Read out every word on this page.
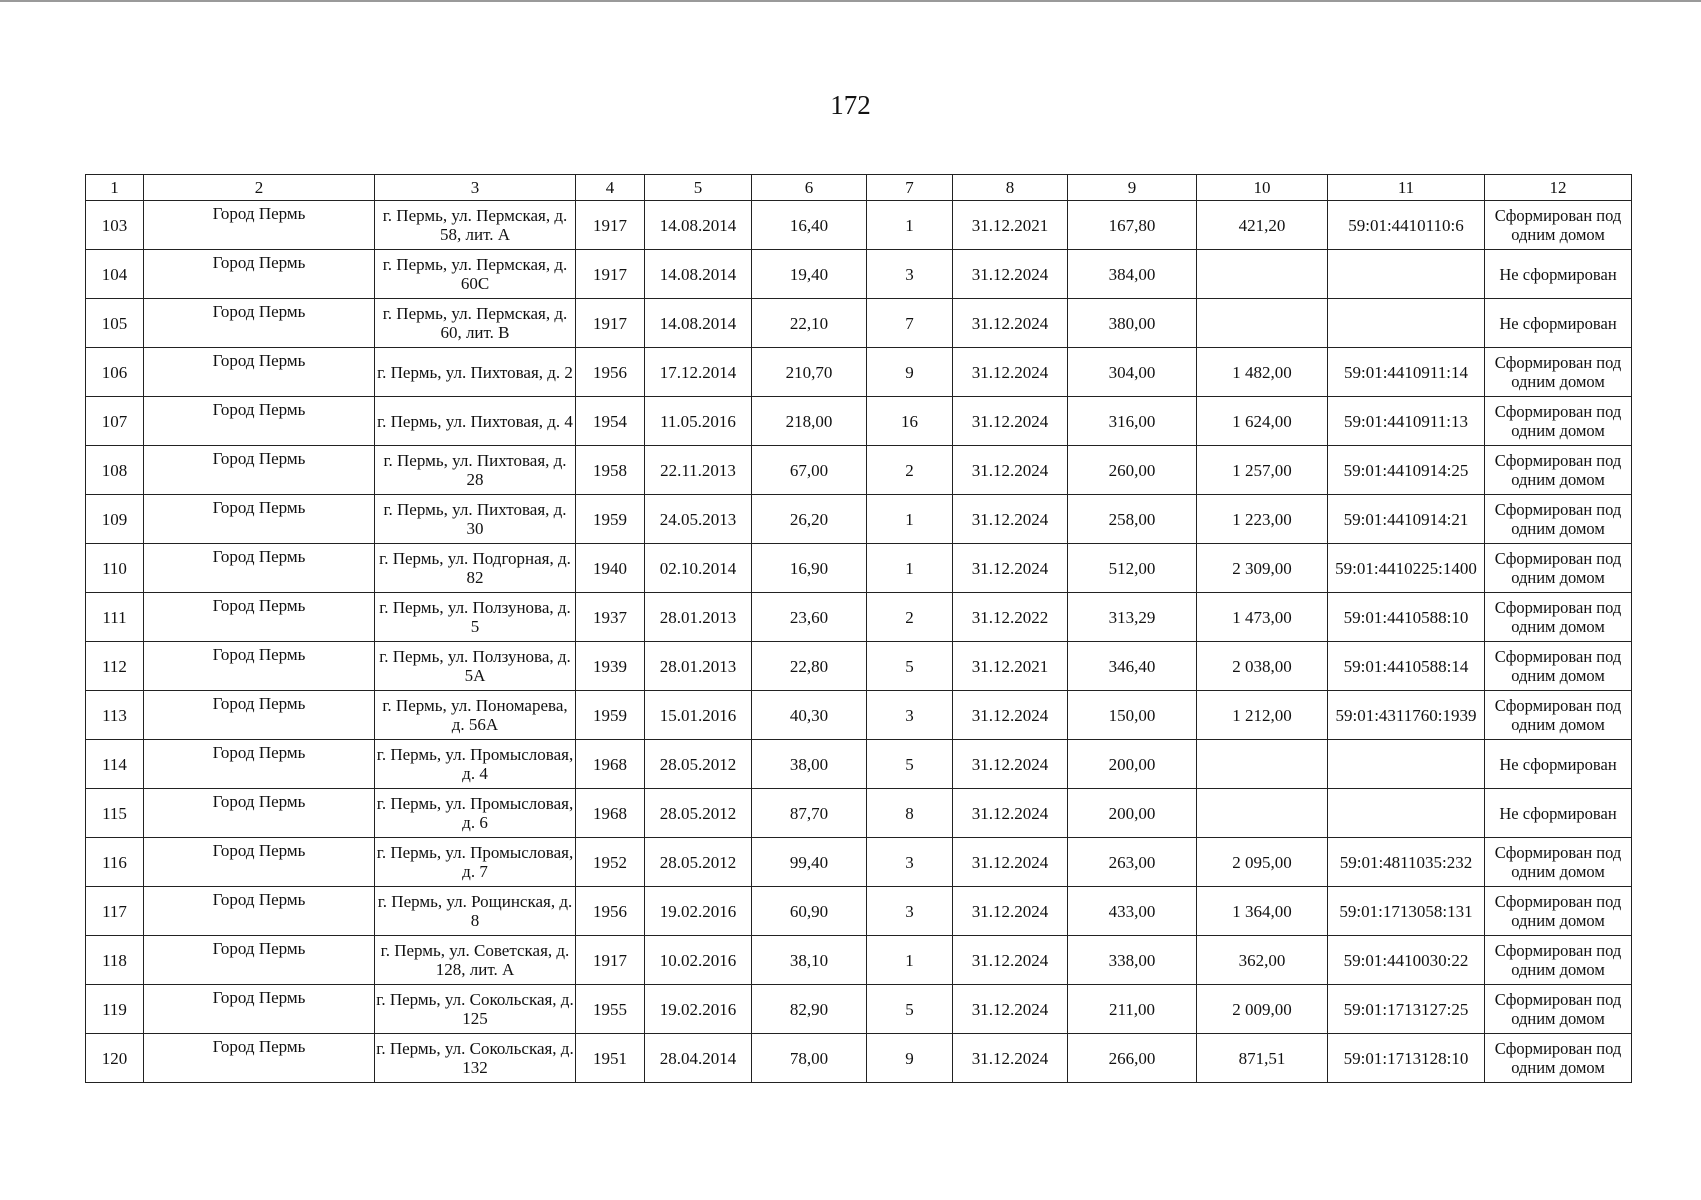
172
1	2	3	4	5	6	7	8	9	10	11	12
103	Город Пермь	г. Пермь, ул. Пермская, д. 58, лит. А	1917	14.08.2014	16,40	1	31.12.2021	167,80	421,20	59:01:4410110:6	Сформирован под одним домом
104	Город Пермь	г. Пермь, ул. Пермская, д. 60С	1917	14.08.2014	19,40	3	31.12.2024	384,00			Не сформирован
105	Город Пермь	г. Пермь, ул. Пермская, д. 60, лит. В	1917	14.08.2014	22,10	7	31.12.2024	380,00			Не сформирован
106	Город Пермь	г. Пермь, ул. Пихтовая, д. 2	1956	17.12.2014	210,70	9	31.12.2024	304,00	1 482,00	59:01:4410911:14	Сформирован под одним домом
107	Город Пермь	г. Пермь, ул. Пихтовая, д. 4	1954	11.05.2016	218,00	16	31.12.2024	316,00	1 624,00	59:01:4410911:13	Сформирован под одним домом
108	Город Пермь	г. Пермь, ул. Пихтовая, д. 28	1958	22.11.2013	67,00	2	31.12.2024	260,00	1 257,00	59:01:4410914:25	Сформирован под одним домом
109	Город Пермь	г. Пермь, ул. Пихтовая, д. 30	1959	24.05.2013	26,20	1	31.12.2024	258,00	1 223,00	59:01:4410914:21	Сформирован под одним домом
110	Город Пермь	г. Пермь, ул. Подгорная, д. 82	1940	02.10.2014	16,90	1	31.12.2024	512,00	2 309,00	59:01:4410225:1400	Сформирован под одним домом
111	Город Пермь	г. Пермь, ул. Ползунова, д. 5	1937	28.01.2013	23,60	2	31.12.2022	313,29	1 473,00	59:01:4410588:10	Сформирован под одним домом
112	Город Пермь	г. Пермь, ул. Ползунова, д. 5А	1939	28.01.2013	22,80	5	31.12.2021	346,40	2 038,00	59:01:4410588:14	Сформирован под одним домом
113	Город Пермь	г. Пермь, ул. Пономарева, д. 56А	1959	15.01.2016	40,30	3	31.12.2024	150,00	1 212,00	59:01:4311760:1939	Сформирован под одним домом
114	Город Пермь	г. Пермь, ул. Промысловая, д. 4	1968	28.05.2012	38,00	5	31.12.2024	200,00			Не сформирован
115	Город Пермь	г. Пермь, ул. Промысловая, д. 6	1968	28.05.2012	87,70	8	31.12.2024	200,00			Не сформирован
116	Город Пермь	г. Пермь, ул. Промысловая, д. 7	1952	28.05.2012	99,40	3	31.12.2024	263,00	2 095,00	59:01:4811035:232	Сформирован под одним домом
117	Город Пермь	г. Пермь, ул. Рощинская, д. 8	1956	19.02.2016	60,90	3	31.12.2024	433,00	1 364,00	59:01:1713058:131	Сформирован под одним домом
118	Город Пермь	г. Пермь, ул. Советская, д. 128, лит. А	1917	10.02.2016	38,10	1	31.12.2024	338,00	362,00	59:01:4410030:22	Сформирован под одним домом
119	Город Пермь	г. Пермь, ул. Сокольская, д. 125	1955	19.02.2016	82,90	5	31.12.2024	211,00	2 009,00	59:01:1713127:25	Сформирован под одним домом
120	Город Пермь	г. Пермь, ул. Сокольская, д. 132	1951	28.04.2014	78,00	9	31.12.2024	266,00	871,51	59:01:1713128:10	Сформирован под одним домом
